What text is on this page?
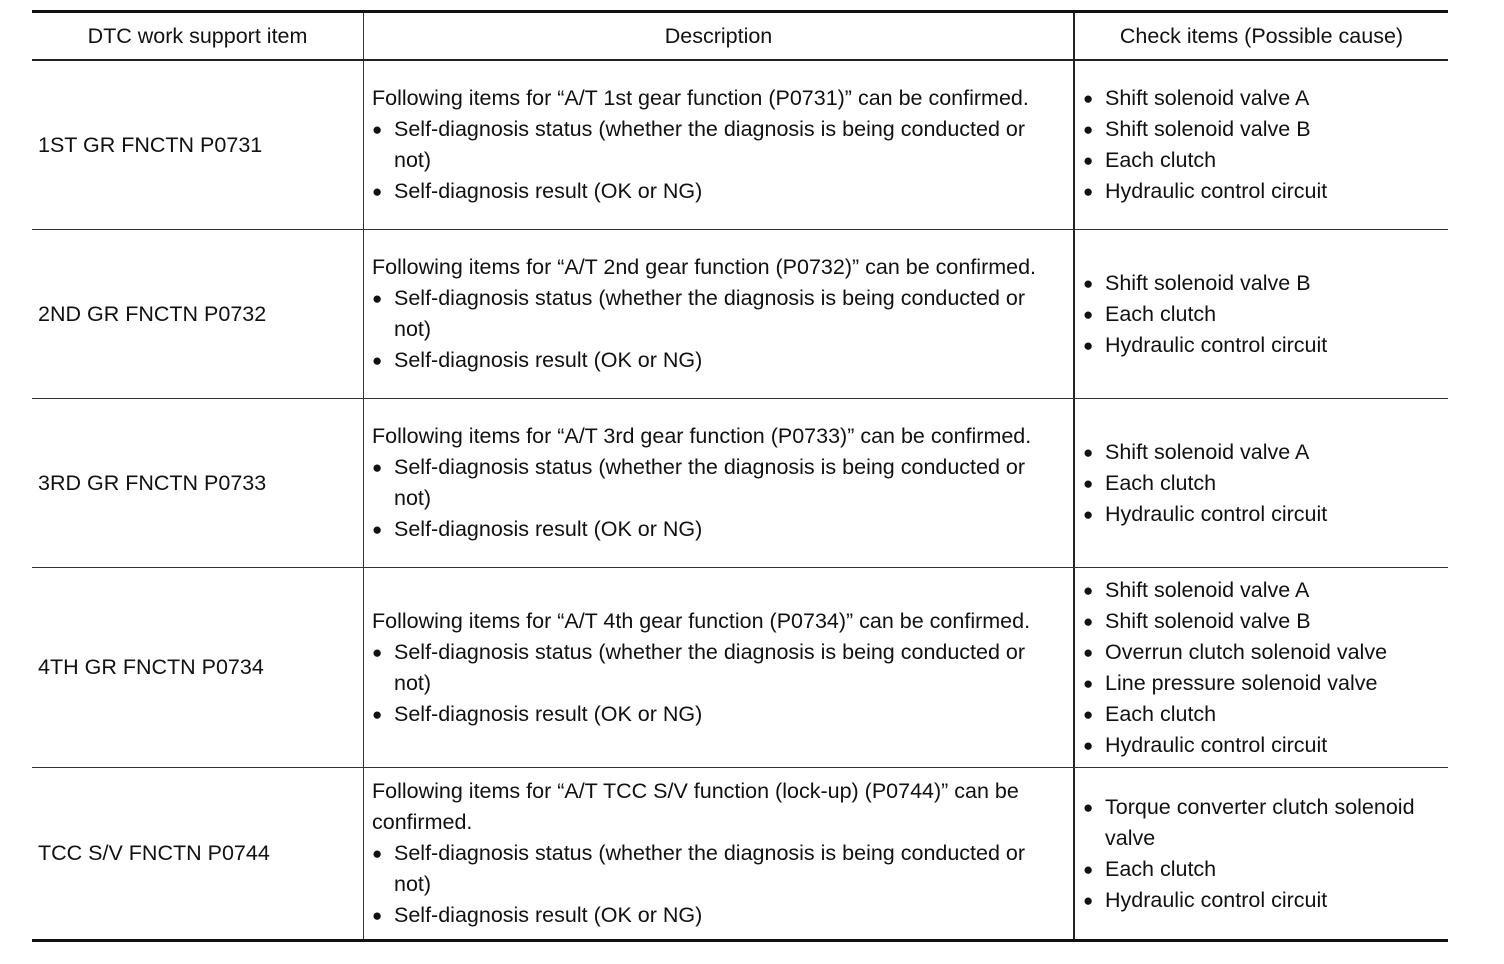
DTC work support item	Description	Check items (Possible cause)
1ST GR FNCTN P0731
Following items for “A/T 1st gear function (P0731)” can be confirmed.
● Self-diagnosis status (whether the diagnosis is being conducted or not)
● Self-diagnosis result (OK or NG)
● Shift solenoid valve A
● Shift solenoid valve B
● Each clutch
● Hydraulic control circuit
2ND GR FNCTN P0732
Following items for “A/T 2nd gear function (P0732)” can be confirmed.
● Self-diagnosis status (whether the diagnosis is being conducted or not)
● Self-diagnosis result (OK or NG)
● Shift solenoid valve B
● Each clutch
● Hydraulic control circuit
3RD GR FNCTN P0733
Following items for “A/T 3rd gear function (P0733)” can be confirmed.
● Self-diagnosis status (whether the diagnosis is being conducted or not)
● Self-diagnosis result (OK or NG)
● Shift solenoid valve A
● Each clutch
● Hydraulic control circuit
4TH GR FNCTN P0734
Following items for “A/T 4th gear function (P0734)” can be confirmed.
● Self-diagnosis status (whether the diagnosis is being conducted or not)
● Self-diagnosis result (OK or NG)
● Shift solenoid valve A
● Shift solenoid valve B
● Overrun clutch solenoid valve
● Line pressure solenoid valve
● Each clutch
● Hydraulic control circuit
TCC S/V FNCTN P0744
Following items for “A/T TCC S/V function (lock-up) (P0744)” can be confirmed.
● Self-diagnosis status (whether the diagnosis is being conducted or not)
● Self-diagnosis result (OK or NG)
● Torque converter clutch solenoid valve
● Each clutch
● Hydraulic control circuit
